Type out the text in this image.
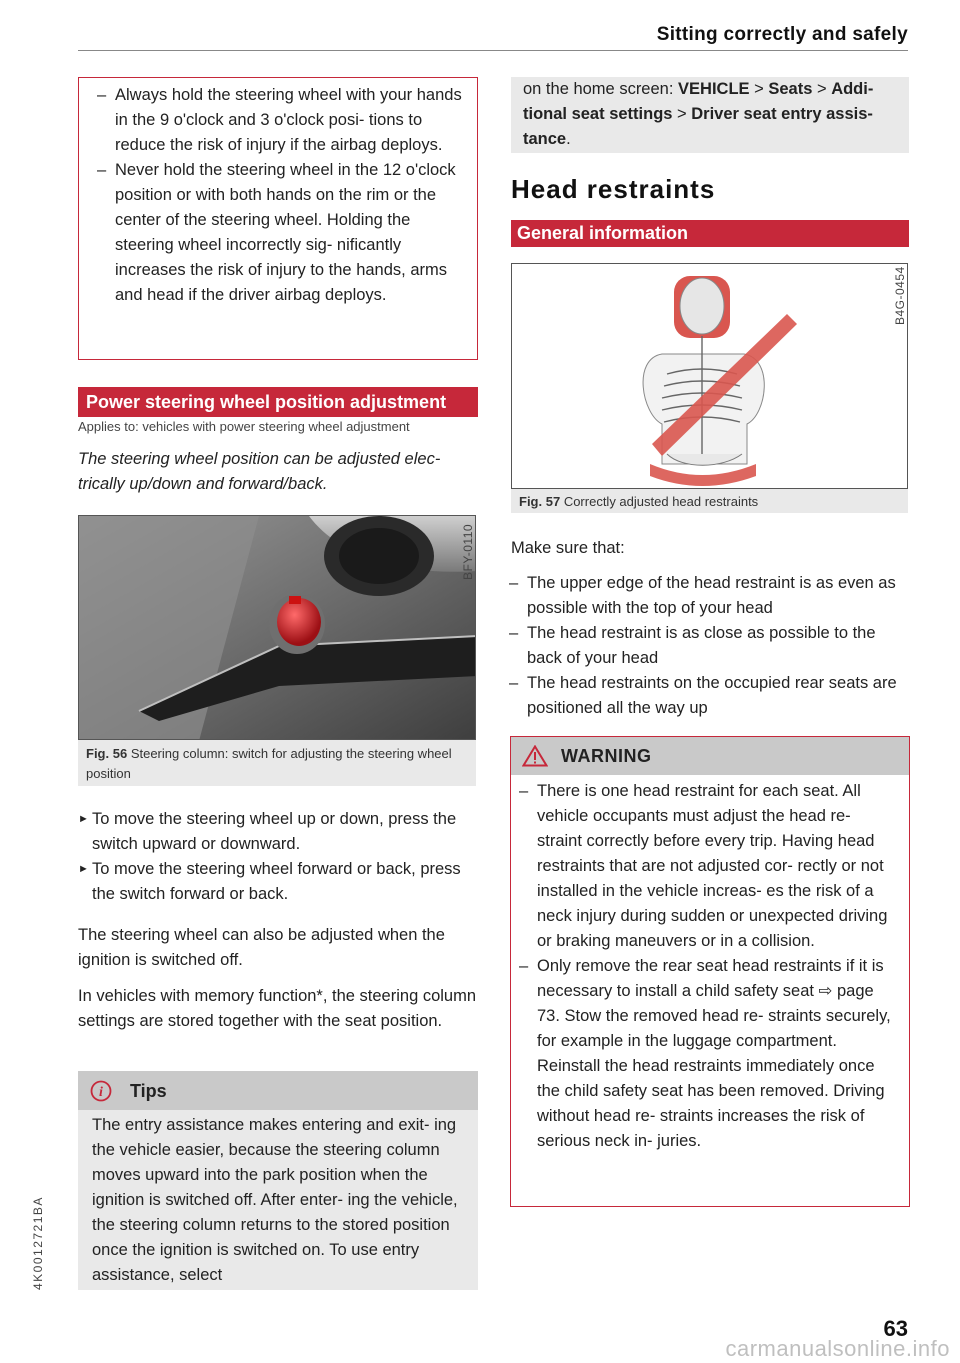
Sitting correctly and safely
– Always hold the steering wheel with your hands in the 9 o'clock and 3 o'clock posi- tions to reduce the risk of injury if the airbag deploys.
– Never hold the steering wheel in the 12 o'clock position or with both hands on the rim or the center of the steering wheel. Holding the steering wheel incorrectly sig- nificantly increases the risk of injury to the hands, arms and head if the driver airbag deploys.
Power steering wheel position adjustment
Applies to: vehicles with power steering wheel adjustment
The steering wheel position can be adjusted elec- trically up/down and forward/back.
BFY-0110
Fig. 56 Steering column: switch for adjusting the steering wheel position
► To move the steering wheel up or down, press the switch upward or downward.
► To move the steering wheel forward or back, press the switch forward or back.
The steering wheel can also be adjusted when the ignition is switched off.
In vehicles with memory function*, the steering column settings are stored together with the seat position.
i Tips
The entry assistance makes entering and exit- ing the vehicle easier, because the steering column moves upward into the park position when the ignition is switched off. After enter- ing the vehicle, the steering column returns to the stored position once the ignition is switched on. To use entry assistance, select
on the home screen: VEHICLE > Seats > Addi- tional seat settings > Driver seat entry assis- tance.
Head restraints
General information
B4G-0454
Fig. 57 Correctly adjusted head restraints
Make sure that:
– The upper edge of the head restraint is as even as possible with the top of your head
– The head restraint is as close as possible to the back of your head
– The head restraints on the occupied rear seats are positioned all the way up
WARNING
– There is one head restraint for each seat. All vehicle occupants must adjust the head re- straint correctly before every trip. Having head restraints that are not adjusted cor- rectly or not installed in the vehicle increas- es the risk of a neck injury during sudden or unexpected driving or braking maneuvers or in a collision.
– Only remove the rear seat head restraints if it is necessary to install a child safety seat ⇨ page 73. Stow the removed head re- straints securely, for example in the luggage compartment. Reinstall the head restraints immediately once the child safety seat has been removed. Driving without head re- straints increases the risk of serious neck in- juries.
63
4K0012721BA
carmanualsonline.info
